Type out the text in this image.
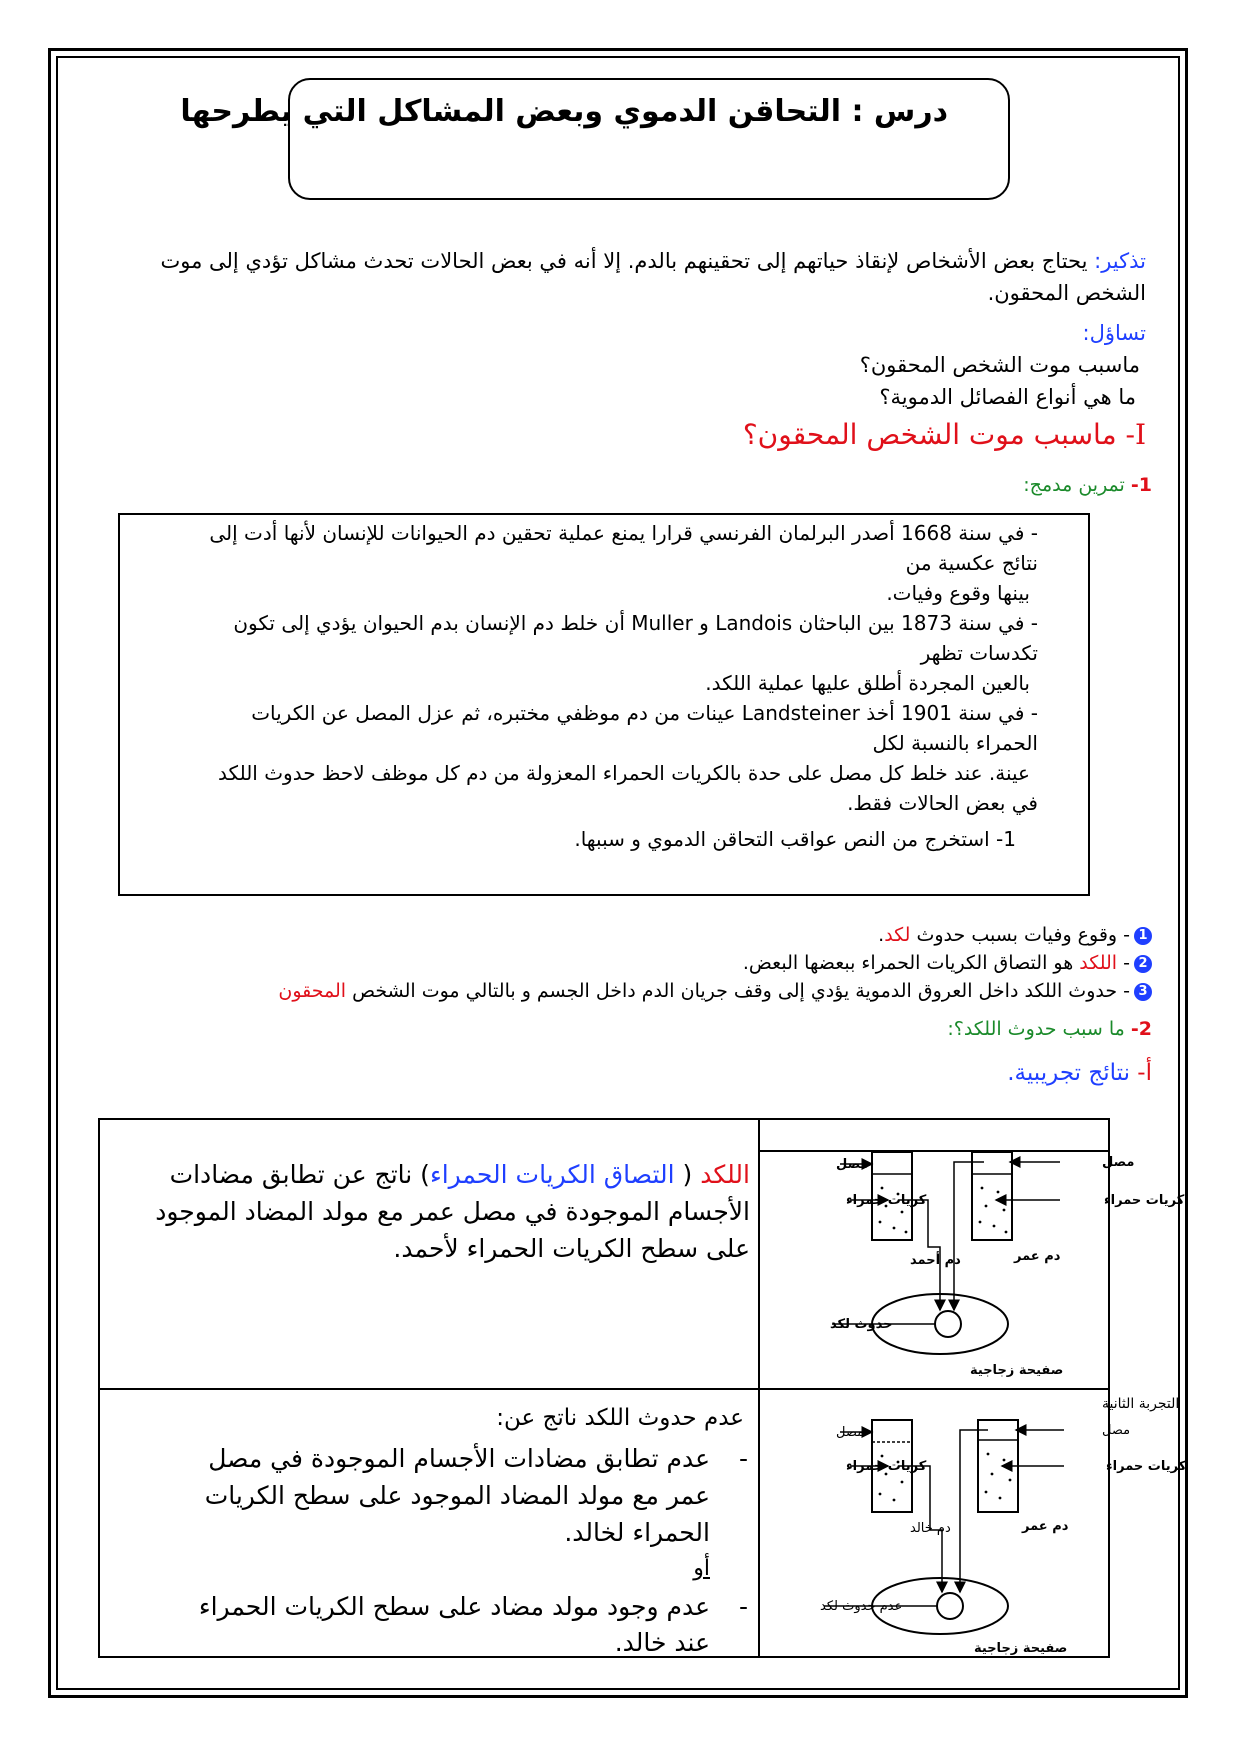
درس : التحاقن الدموي وبعض المشاكل التي يطرحها
تذكير: يحتاج بعض الأشخاص لإنقاذ حياتهم إلى تحقينهم بالدم. إلا أنه في بعض الحالات تحدث مشاكل تؤدي إلى موت
الشخص المحقون.
تساؤل:
ماسبب موت الشخص المحقون؟
ما هي أنواع الفصائل الدموية؟
I- ماسبب موت الشخص المحقون؟
1- تمرين مدمج:
- في سنة 1668 أصدر البرلمان الفرنسي قرارا يمنع عملية تحقين دم الحيوانات للإنسان لأنها أدت إلى
نتائج عكسية من
بينها وقوع وفيات.
- في سنة 1873 بين الباحثان Landois و Muller أن خلط دم الإنسان بدم الحيوان يؤدي إلى تكون
تكدسات تظهر
بالعين المجردة أطلق عليها عملية اللكد.
- في سنة 1901 أخذ Landsteiner عينات من دم موظفي مختبره، ثم عزل المصل عن الكريات
الحمراء بالنسبة لكل
عينة. عند خلط كل مصل على حدة بالكريات الحمراء المعزولة من دم كل موظف لاحظ حدوث اللكد
في بعض الحالات فقط.
1- استخرج من النص عواقب التحاقن الدموي و سببها.
1- وقوع وفيات بسبب حدوث لكد.
2- اللكد هو التصاق الكريات الحمراء ببعضها البعض.
3- حدوث اللكد داخل العروق الدموية يؤدي إلى وقف جريان الدم داخل الجسم و بالتالي موت الشخص المحقون
2- ما سبب حدوث اللكد؟:
أ- نتائج تجريبية.
اللكد ( التصاق الكريات الحمراء) ناتج عن تطابق مضادات
الأجسام الموجودة في مصل عمر مع مولد المضاد الموجود
على سطح الكريات الحمراء لأحمد.
عدم حدوث اللكد ناتج عن:
-
عدم تطابق مضادات الأجسام الموجودة في مصل
عمر مع مولد المضاد الموجود على سطح الكريات
الحمراء لخالد.
أو
-
عدم وجود مولد مضاد على سطح الكريات الحمراء
عند خالد.
مصل
كريات حمراء
مصل
كريات حمراء
دم أحمد	دم عمر
حدوث لكد
صفيحة زجاجية
التجربة الثانية
مصل
كريات حمراء
مصل
كريات حمراء
دم خالد	دم عمر
عدم حدوث لكد
صفيحة زجاجية
